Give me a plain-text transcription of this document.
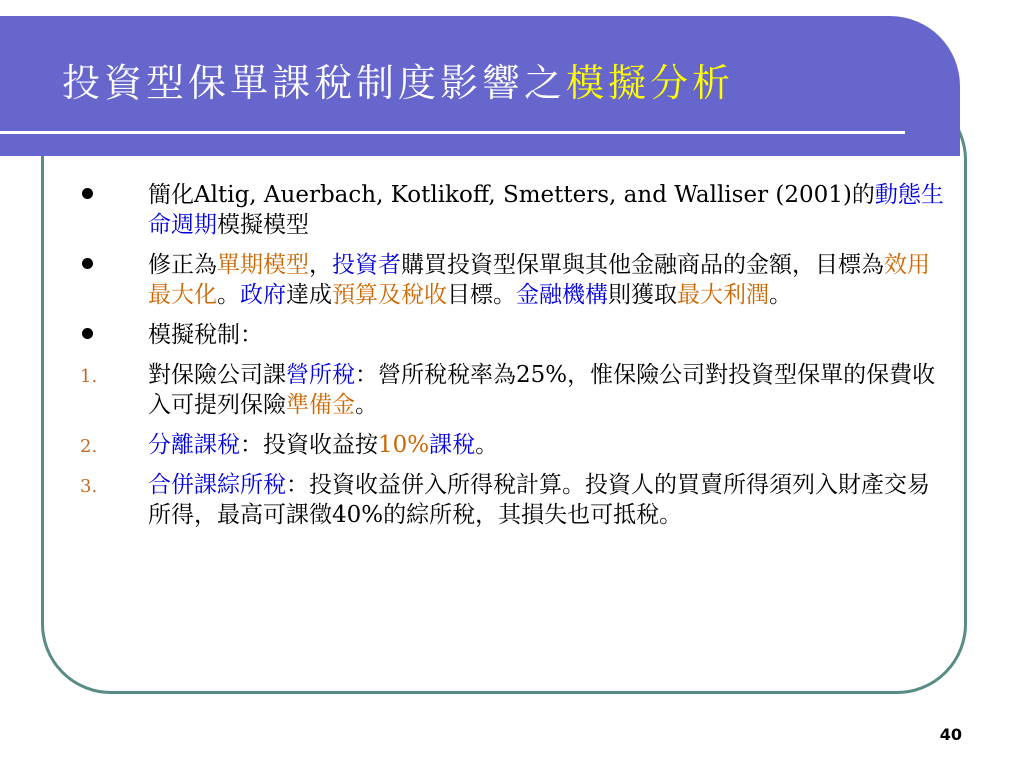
投資型保單課稅制度影響之模擬分析
簡化Altig, Auerbach, Kotlikoff, Smetters, and Walliser (2001)的動態生命週期模擬模型
修正為單期模型，投資者購買投資型保單與其他金融商品的金額，目標為效用最大化。政府達成預算及稅收目標。金融機構則獲取最大利潤。
模擬稅制：
1.	對保險公司課營所稅：營所稅稅率為25%，惟保險公司對投資型保單的保費收入可提列保險準備金。
2.	分離課稅：投資收益按10%課稅。
3.	合併課綜所稅：投資收益併入所得稅計算。投資人的買賣所得須列入財產交易所得，最高可課徵40%的綜所稅，其損失也可抵稅。
40
